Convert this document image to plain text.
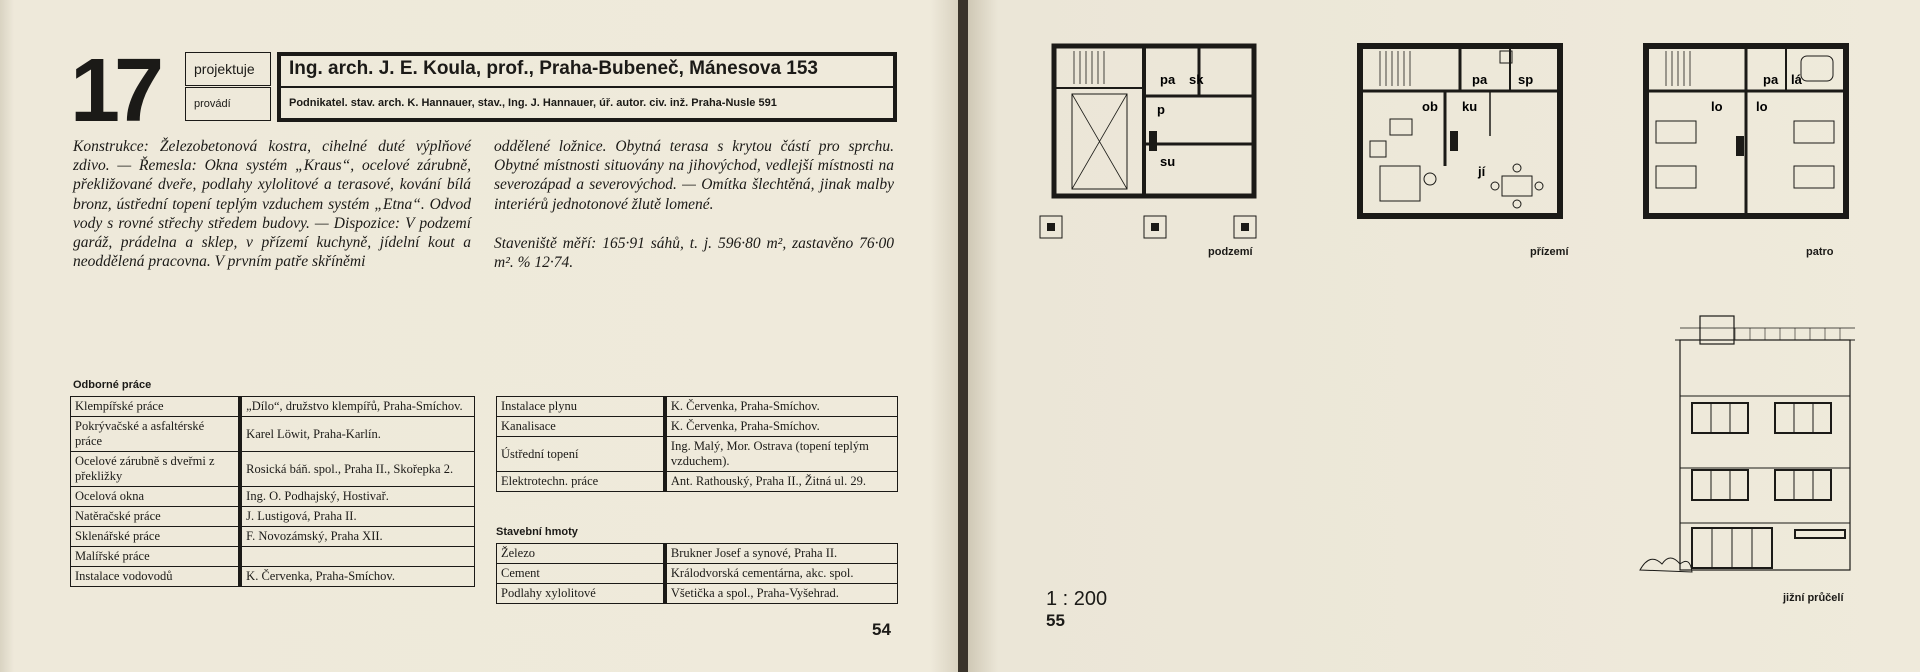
17	projektuje
provádí
Ing. arch. J. E. Koula, prof., Praha-Bubeneč, Mánesova 153
Podnikatel. stav. arch. K. Hannauer, stav., Ing. J. Hannauer, úř. autor. civ. inž. Praha-Nusle 591

Konstrukce: Železobetonová kostra, cihelné duté výplňové zdivo. — Řemesla: Okna systém „Kraus“, ocelové zárubně, překližované dveře, podlahy xylolitové a terasové, kování bílá bronz, ústřední topení teplým vzduchem systém „Etna“. Odvod vody s rovné střechy středem budovy. — Dispozice: V podzemí garáž, prádelna a sklep, v přízemí kuchyně, jídelní kout a neoddělená pracovna. V prvním patře skříněmi

oddělené ložnice. Obytná terasa s krytou částí pro sprchu. Obytné místnosti situovány na jihovýchod, vedlejší místnosti na severozápad a severovýchod. — Omítka šlechtěná, jinak malby interiérů jednotonové žlutě lomené.

Staveniště měří: 165·91 sáhů, t. j. 596·80 m², zastavěno 76·00 m². % 12·74.

Odborné práce
Klempířské práce	„Dílo“, družstvo klempířů, Praha-Smíchov.
Pokrývačské a asfaltérské práce	Karel Löwit, Praha-Karlín.
Ocelové zárubně s dveřmi z překližky	Rosická báň. spol., Praha II., Skořepka 2.
Ocelová okna	Ing. O. Podhajský, Hostivař.
Natěračské práce	J. Lustigová, Praha II.
Sklenářské práce	F. Novozámský, Praha XII.
Malířské práce	
Instalace vodovodů	K. Červenka, Praha-Smíchov.
Instalace plynu	K. Červenka, Praha-Smíchov.
Kanalisace	K. Červenka, Praha-Smíchov.
Ústřední topení	Ing. Malý, Mor. Ostrava (topení teplým vzduchem).
Elektrotechn. práce	Ant. Rathouský, Praha II., Žitná ul. 29.
Stavební hmoty
Železo	Brukner Josef a synové, Praha II.
Cement	Králodvorská cementárna, akc. spol.
Podlahy xylolitové	Všetička a spol., Praha-Vyšehrad.
54
pa sk
p
su
podzemí
pa sp
ob ku
jí
přízemí
pa lá
lo	lo
patro
jižní průčelí
1 : 200
55
